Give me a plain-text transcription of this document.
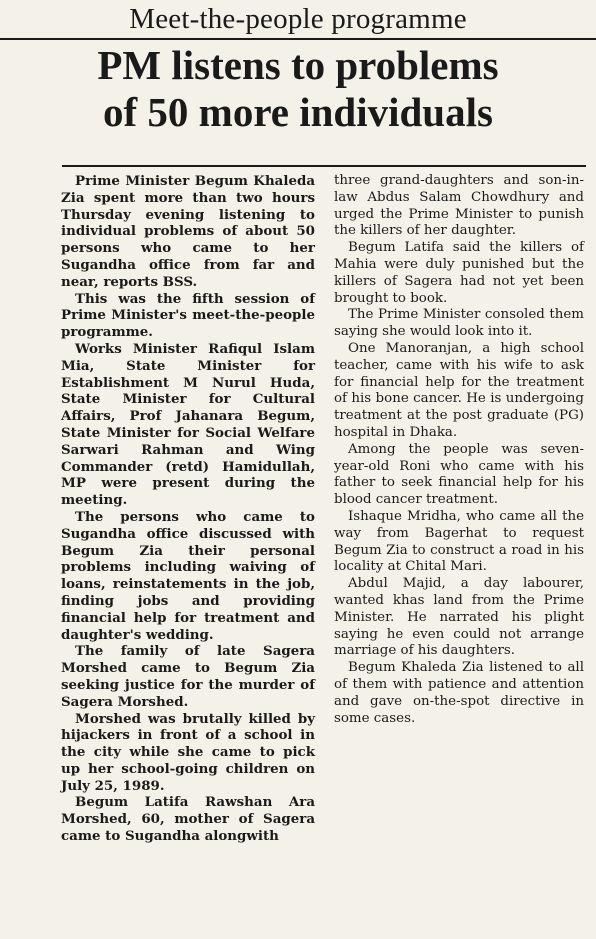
Meet-the-people programme
PM listens to problems
of 50 more individuals

Prime Minister Begum Khaleda Zia spent more than two hours Thursday evening listening to individual problems of about 50 persons who came to her Sugandha office from far and near, reports BSS.

This was the fifth session of Prime Minister's meet-the-people programme.

Works Minister Rafiqul Islam Mia, State Minister for Establishment M Nurul Huda, State Minister for Cultural Affairs, Prof Jahanara Begum, State Minister for Social Welfare Sarwari Rahman and Wing Commander (retd) Hamidullah, MP were present during the meeting.

The persons who came to Sugandha office discussed with Begum Zia their personal problems including waiving of loans, reinstatements in the job, finding jobs and providing financial help for treatment and daughter's wedding.

The family of late Sagera Morshed came to Begum Zia seeking justice for the murder of Sagera Morshed.

Morshed was brutally killed by hijackers in front of a school in the city while she came to pick up her school-going children on July 25, 1989.

Begum Latifa Rawshan Ara Morshed, 60, mother of Sagera came to Sugandha alongwith

three grand-daughters and son-in-law Abdus Salam Chowdhury and urged the Prime Minister to punish the killers of her daughter.

Begum Latifa said the killers of Mahia were duly punished but the killers of Sagera had not yet been brought to book.

The Prime Minister consoled them saying she would look into it.

One Manoranjan, a high school teacher, came with his wife to ask for financial help for the treatment of his bone cancer. He is undergoing treatment at the post graduate (PG) hospital in Dhaka.

Among the people was seven-year-old Roni who came with his father to seek financial help for his blood cancer treatment.

Ishaque Mridha, who came all the way from Bagerhat to request Begum Zia to construct a road in his locality at Chital Mari.

Abdul Majid, a day labourer, wanted khas land from the Prime Minister. He narrated his plight saying he even could not arrange marriage of his daughters.

Begum Khaleda Zia listened to all of them with patience and attention and gave on-the-spot directive in some cases.
